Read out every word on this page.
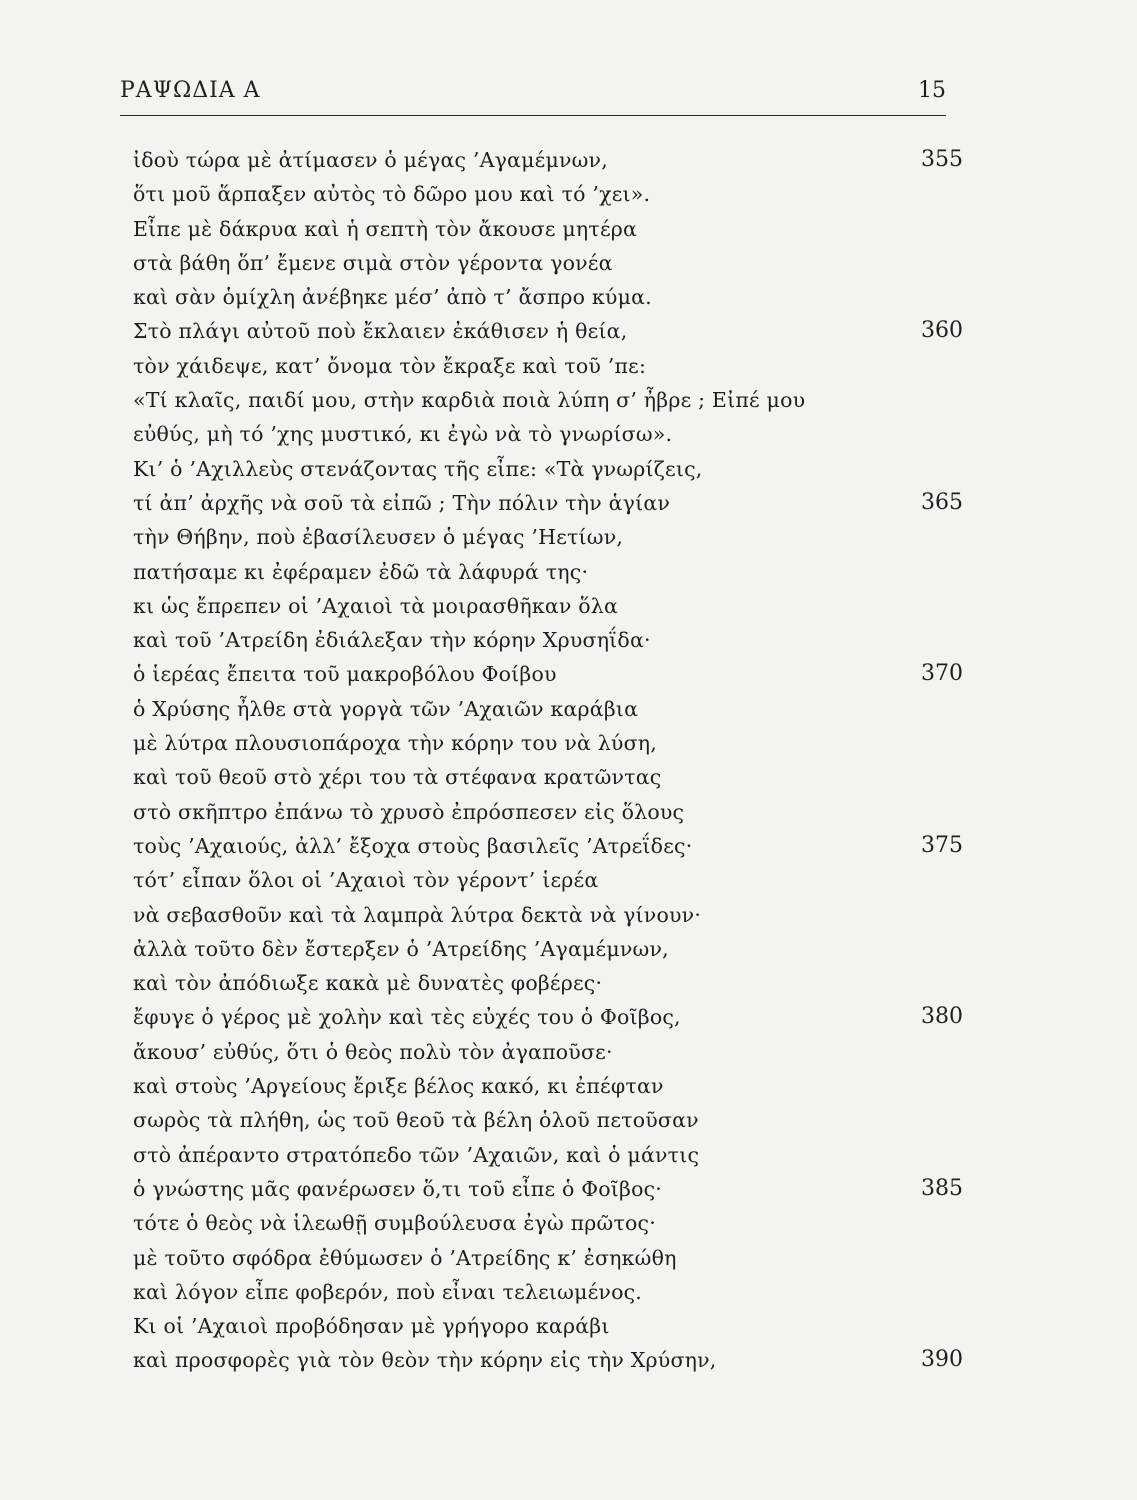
ΡΑΨΩΔΙΑ Α	15
ἰδοὺ τώρα μὲ ἀτίμασεν ὁ μέγας ’Αγαμέμνων,	355
ὅτι μοῦ ἅρπαξεν αὐτὸς τὸ δῶρο μου καὶ τό ’χει».
Εἶπε μὲ δάκρυα καὶ ἡ σεπτὴ τὸν ἄκουσε μητέρα
στὰ βάθη ὅπ’ ἔμενε σιμὰ στὸν γέροντα γονέα
καὶ σὰν ὁμίχλη ἀνέβηκε μέσ’ ἀπὸ τ’ ἄσπρο κύμα.
Στὸ πλάγι αὐτοῦ ποὺ ἔκλαιεν ἐκάθισεν ἡ θεία,	360
τὸν χάιδεψε, κατ’ ὄνομα τὸν ἔκραξε καὶ τοῦ ’πε:
«Τί κλαῖς, παιδί μου, στὴν καρδιὰ ποιὰ λύπη σ’ ἦβρε ; Εἰπέ μου
εὐθύς, μὴ τό ’χης μυστικό, κι ἐγὼ νὰ τὸ γνωρίσω».
Κι’ ὁ ’Αχιλλεὺς στενάζοντας τῆς εἶπε: «Τὰ γνωρίζεις,
τί ἀπ’ ἀρχῆς νὰ σοῦ τὰ εἰπῶ ; Τὴν πόλιν τὴν ἁγίαν	365
τὴν Θήβην, ποὺ ἐβασίλευσεν ὁ μέγας ’Ηετίων,
πατήσαμε κι ἐφέραμεν ἐδῶ τὰ λάφυρά της·
κι ὡς ἔπρεπεν οἱ ’Αχαιοὶ τὰ μοιρασθῆκαν ὅλα
καὶ τοῦ ’Ατρείδη ἐδιάλεξαν τὴν κόρην Χρυσηΐδα·
ὁ ἱερέας ἔπειτα τοῦ μακροβόλου Φοίβου	370
ὁ Χρύσης ἦλθε στὰ γοργὰ τῶν ’Αχαιῶν καράβια
μὲ λύτρα πλουσιοπάροχα τὴν κόρην του νὰ λύση,
καὶ τοῦ θεοῦ στὸ χέρι του τὰ στέφανα κρατῶντας
στὸ σκῆπτρο ἐπάνω τὸ χρυσὸ ἐπρόσπεσεν εἰς ὅλους
τοὺς ’Αχαιούς, ἀλλ’ ἔξοχα στοὺς βασιλεῖς ’Ατρεΐδες·	375
τότ’ εἶπαν ὅλοι οἱ ’Αχαιοὶ τὸν γέροντ’ ἱερέα
νὰ σεβασθοῦν καὶ τὰ λαμπρὰ λύτρα δεκτὰ νὰ γίνουν·
ἀλλὰ τοῦτο δὲν ἔστερξεν ὁ ’Ατρείδης ’Αγαμέμνων,
καὶ τὸν ἀπόδιωξε κακὰ μὲ δυνατὲς φοβέρες·
ἔφυγε ὁ γέρος μὲ χολὴν καὶ τὲς εὐχές του ὁ Φοῖβος,	380
ἄκουσ’ εὐθύς, ὅτι ὁ θεὸς πολὺ τὸν ἀγαποῦσε·
καὶ στοὺς ’Αργείους ἔριξε βέλος κακό, κι ἐπέφταν
σωρὸς τὰ πλήθη, ὡς τοῦ θεοῦ τὰ βέλη ὁλοῦ πετοῦσαν
στὸ ἀπέραντο στρατόπεδο τῶν ’Αχαιῶν, καὶ ὁ μάντις
ὁ γνώστης μᾶς φανέρωσεν ὅ,τι τοῦ εἶπε ὁ Φοῖβος·	385
τότε ὁ θεὸς νὰ ἱλεωθῇ συμβούλευσα ἐγὼ πρῶτος·
μὲ τοῦτο σφόδρα ἐθύμωσεν ὁ ’Ατρείδης κ’ ἐσηκώθη
καὶ λόγον εἶπε φοβερόν, ποὺ εἶναι τελειωμένος.
Κι οἱ ’Αχαιοὶ προβόδησαν μὲ γρήγορο καράβι
καὶ προσφορὲς γιὰ τὸν θεὸν τὴν κόρην εἰς τὴν Χρύσην,	390
